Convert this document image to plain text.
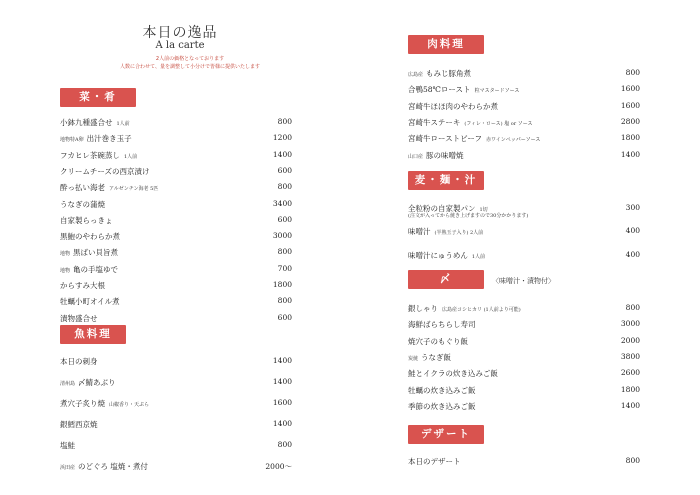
本日の逸品
A la carte
2人前の価格となっております
人数に合わせて、量を調整して小分けで皆様に提供いたします
菜・肴
小鉢九種盛合せ 1人前	800
地物特A卵 出汁巻き玉子	1200
フカヒレ茶碗蒸し 1人前	1400
クリームチーズの西京漬け	600
酔っ払い海老 アルゼンチン海老 5匹	800
うなぎの蒲焼	3400
自家製らっきょ	600
黒鮑のやわらか煮	3000
地物 黒ばい貝旨煮	800
地物 亀の手塩ゆで	700
からすみ大根	1800
牡蠣小町オイル煮	800
漬物盛合せ	600
魚料理
本日の刺身	1400
清州島 〆鯖あぶり	1400
煮穴子炙り焼 山椒香り・天ぷら	1600
銀鱈西京焼	1400
塩鮭	800
浜田産 のどぐろ 塩焼・煮付	2000～
肉料理
広島産 もみじ豚角煮	800
合鴨58℃ロースト 粒マスタードソース	1600
宮崎牛ほほ肉のやわらか煮	1600
宮崎牛ステーキ (フィレ・ロース) 塩 or ソース	2800
宮崎牛ローストビーフ 赤ワインペッパーソース	1800
山口産 豚の味噌焼	1400
麦・麺・汁
全粒粉の自家製パン 1切	300
(注文が入ってから焼き上げますので30分かかります)
味噌汁 (半熟玉子入り) 2人前	400
味噌汁にゅうめん 1人前	400
〆	〈味噌汁・漬物付〉
銀しゃり 広島産コシヒカリ (1人前より可能)	800
海鮮ばらちらし寿司	3000
焼穴子のもぐり飯	2000
炭焼 うなぎ飯	3800
鮭とイクラの炊き込みご飯	2600
牡蠣の炊き込みご飯	1800
季節の炊き込みご飯	1400
デザート
本日のデザート	800
